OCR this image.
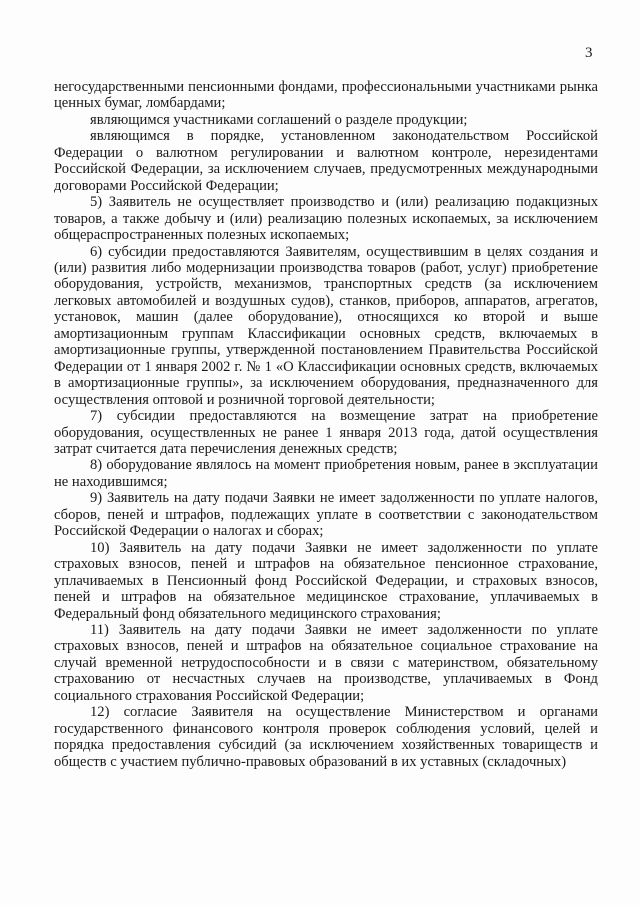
3

негосударственными пенсионными фондами, профессиональными участниками рынка ценных бумаг, ломбардами;

являющимся участниками соглашений о разделе продукции;

являющимся в порядке, установленном законодательством Российской Федерации о валютном регулировании и валютном контроле, нерезидентами Российской Федерации, за исключением случаев, предусмотренных международными договорами Российской Федерации;

5) Заявитель не осуществляет производство и (или) реализацию подакцизных товаров, а также добычу и (или) реализацию полезных ископаемых, за исключением общераспространенных полезных ископаемых;

6) субсидии предоставляются Заявителям, осуществившим в целях создания и (или) развития либо модернизации производства товаров (работ, услуг) приобретение оборудования, устройств, механизмов, транспортных средств (за исключением легковых автомобилей и воздушных судов), станков, приборов, аппаратов, агрегатов, установок, машин (далее оборудование), относящихся ко второй и выше амортизационным группам Классификации основных средств, включаемых в амортизационные группы, утвержденной постановлением Правительства Российской Федерации от 1 января 2002 г. № 1 «О Классификации основных средств, включаемых в амортизационные группы», за исключением оборудования, предназначенного для осуществления оптовой и розничной торговой деятельности;

7) субсидии предоставляются на возмещение затрат на приобретение оборудования, осуществленных не ранее 1 января 2013 года, датой осуществления затрат считается дата перечисления денежных средств;

8) оборудование являлось на момент приобретения новым, ранее в эксплуатации не находившимся;

9) Заявитель на дату подачи Заявки не имеет задолженности по уплате налогов, сборов, пеней и штрафов, подлежащих уплате в соответствии с законодательством Российской Федерации о налогах и сборах;

10) Заявитель на дату подачи Заявки не имеет задолженности по уплате страховых взносов, пеней и штрафов на обязательное пенсионное страхование, уплачиваемых в Пенсионный фонд Российской Федерации, и страховых взносов, пеней и штрафов на обязательное медицинское страхование, уплачиваемых в Федеральный фонд обязательного медицинского страхования;

11) Заявитель на дату подачи Заявки не имеет задолженности по уплате страховых взносов, пеней и штрафов на обязательное социальное страхование на случай временной нетрудоспособности и в связи с материнством, обязательному страхованию от несчастных случаев на производстве, уплачиваемых в Фонд социального страхования Российской Федерации;

12) согласие Заявителя на осуществление Министерством и органами государственного финансового контроля проверок соблюдения условий, целей и порядка предоставления субсидий (за исключением хозяйственных товариществ и обществ с участием публично-правовых образований в их уставных (складочных)
